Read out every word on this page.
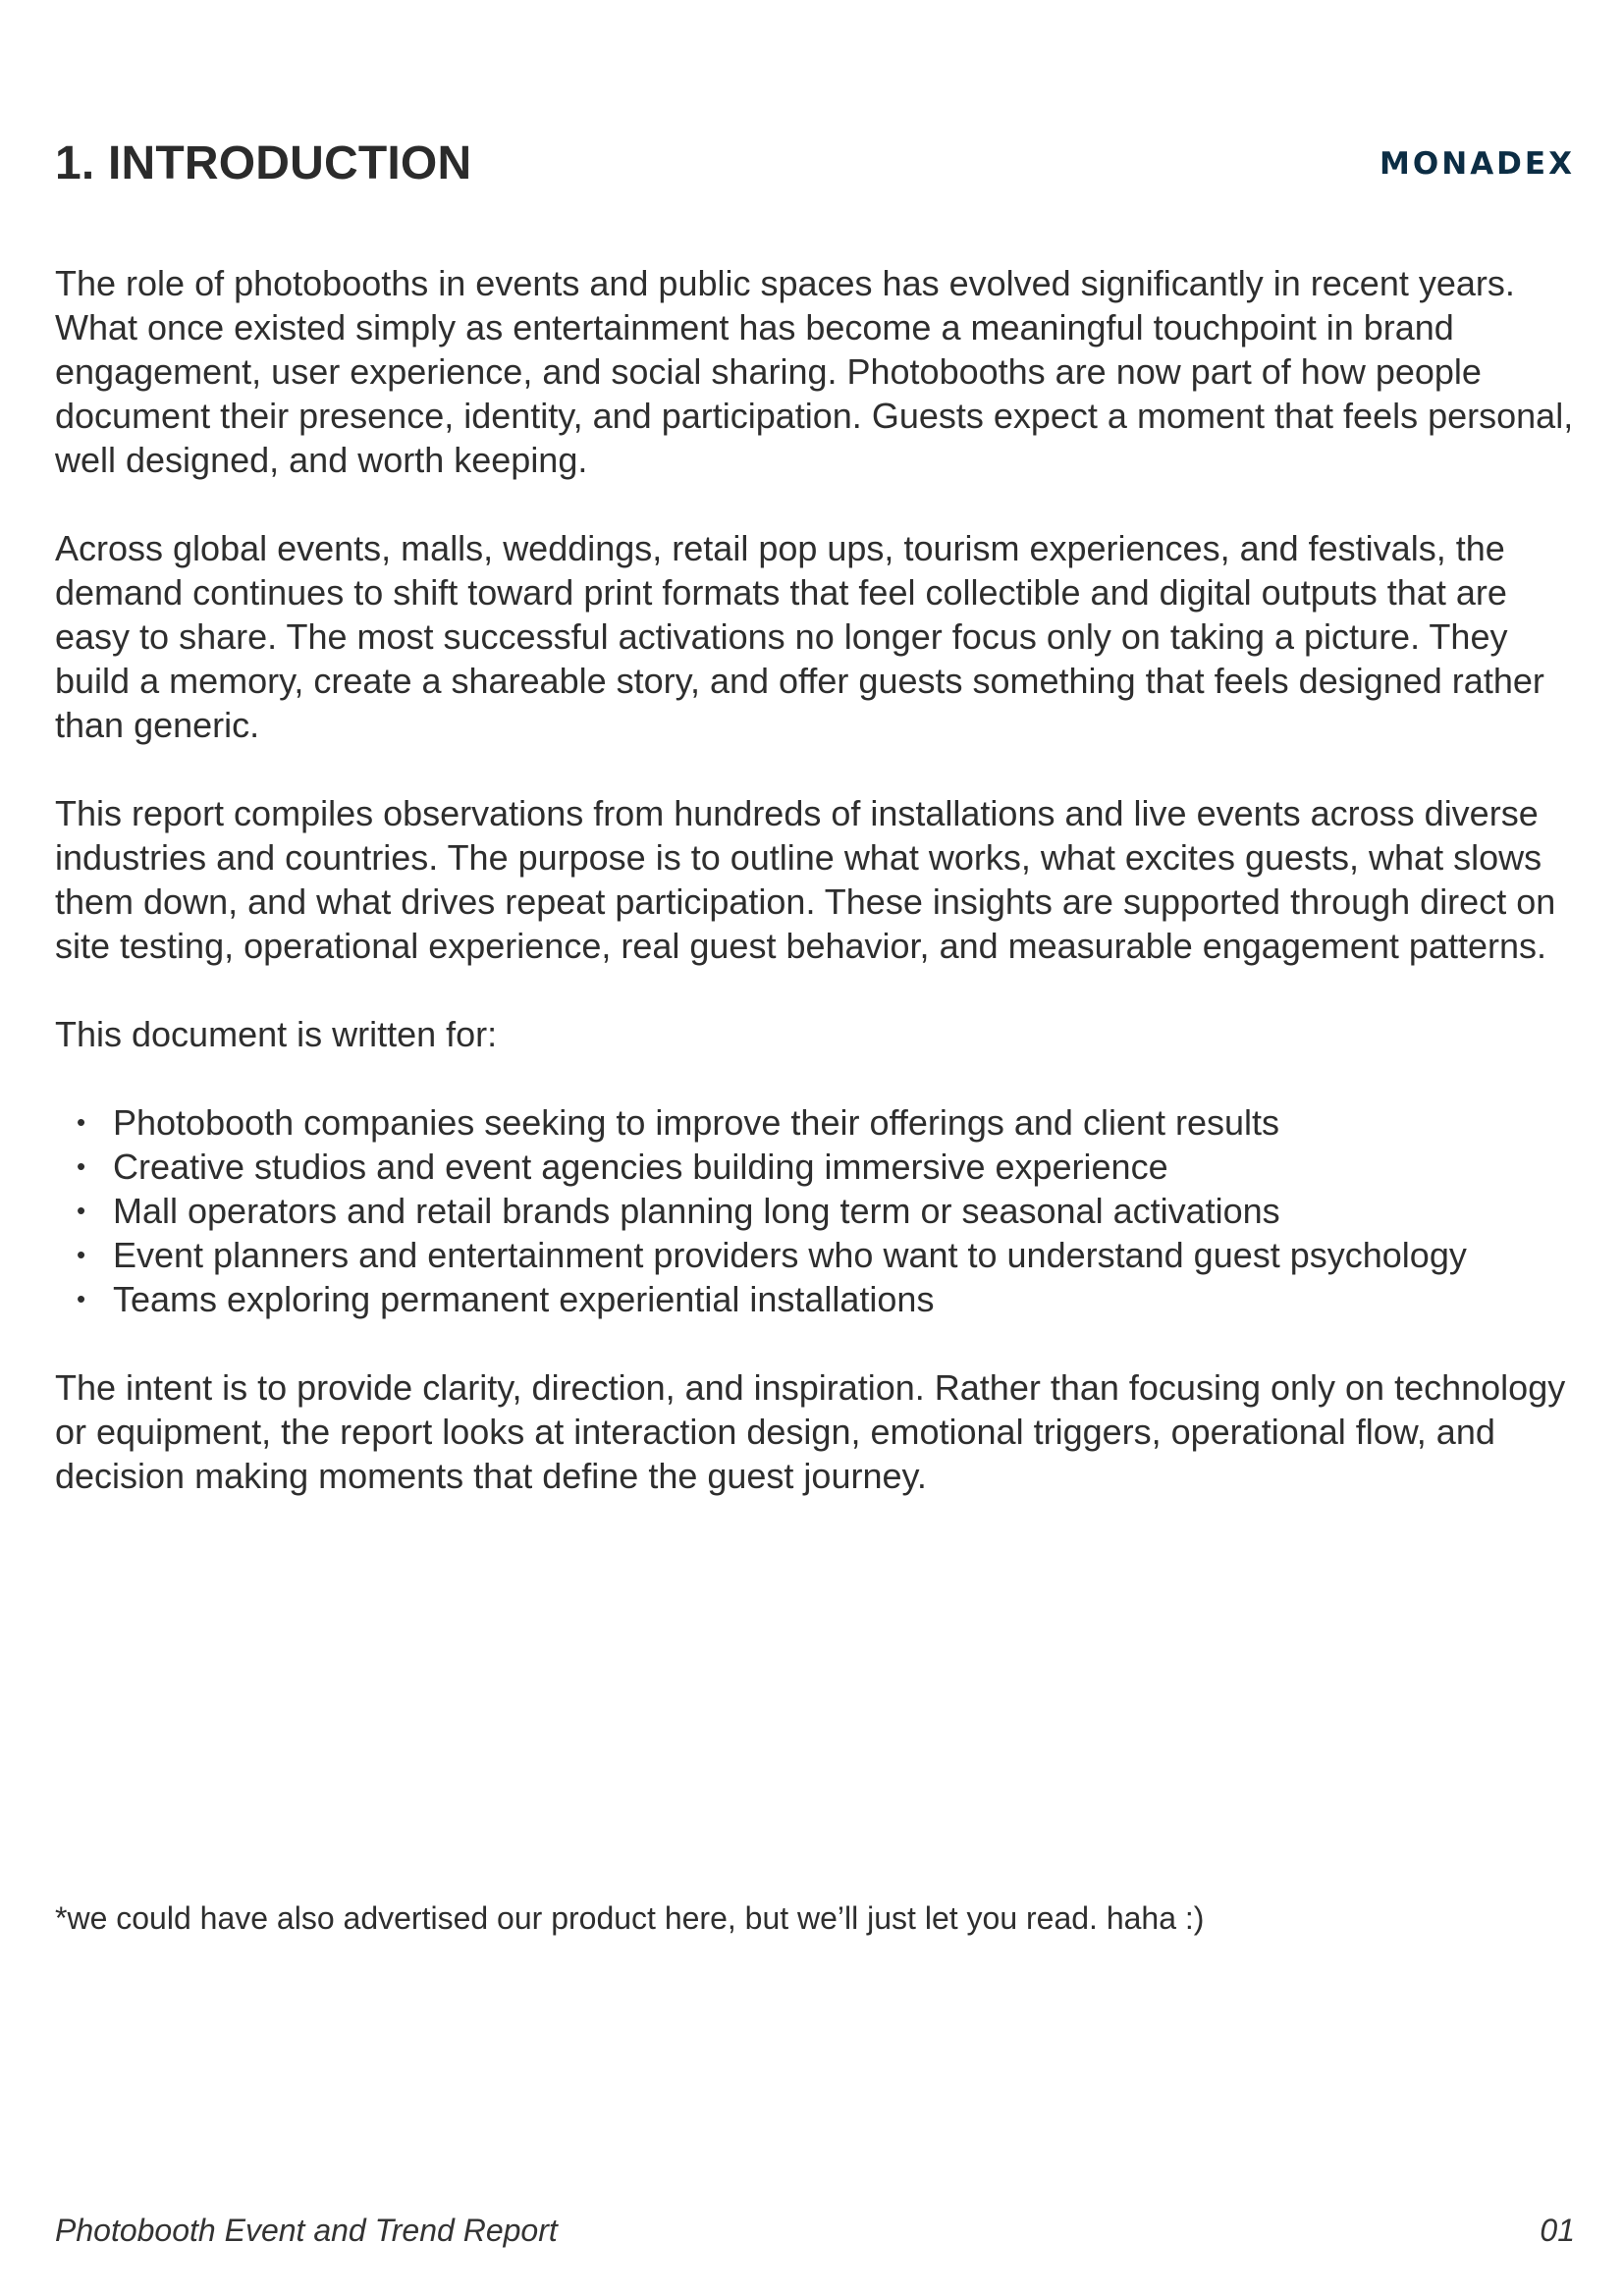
1. INTRODUCTION	MONADEX

The role of photobooths in events and public spaces has evolved significantly in recent years. What once existed simply as entertainment has become a meaningful touchpoint in brand engagement, user experience, and social sharing. Photobooths are now part of how people document their presence, identity, and participation. Guests expect a moment that feels personal, well designed, and worth keeping.

Across global events, malls, weddings, retail pop ups, tourism experiences, and festivals, the demand continues to shift toward print formats that feel collectible and digital outputs that are easy to share. The most successful activations no longer focus only on taking a picture. They build a memory, create a shareable story, and offer guests something that feels designed rather than generic.

This report compiles observations from hundreds of installations and live events across diverse industries and countries. The purpose is to outline what works, what excites guests, what slows them down, and what drives repeat participation. These insights are supported through direct on site testing, operational experience, real guest behavior, and measurable engagement patterns.

This document is written for:

• Photobooth companies seeking to improve their offerings and client results
• Creative studios and event agencies building immersive experience
• Mall operators and retail brands planning long term or seasonal activations
• Event planners and entertainment providers who want to understand guest psychology
• Teams exploring permanent experiential installations

The intent is to provide clarity, direction, and inspiration. Rather than focusing only on technology or equipment, the report looks at interaction design, emotional triggers, operational flow, and decision making moments that define the guest journey.

*we could have also advertised our product here, but we’ll just let you read. haha :)

Photobooth Event and Trend Report	01
